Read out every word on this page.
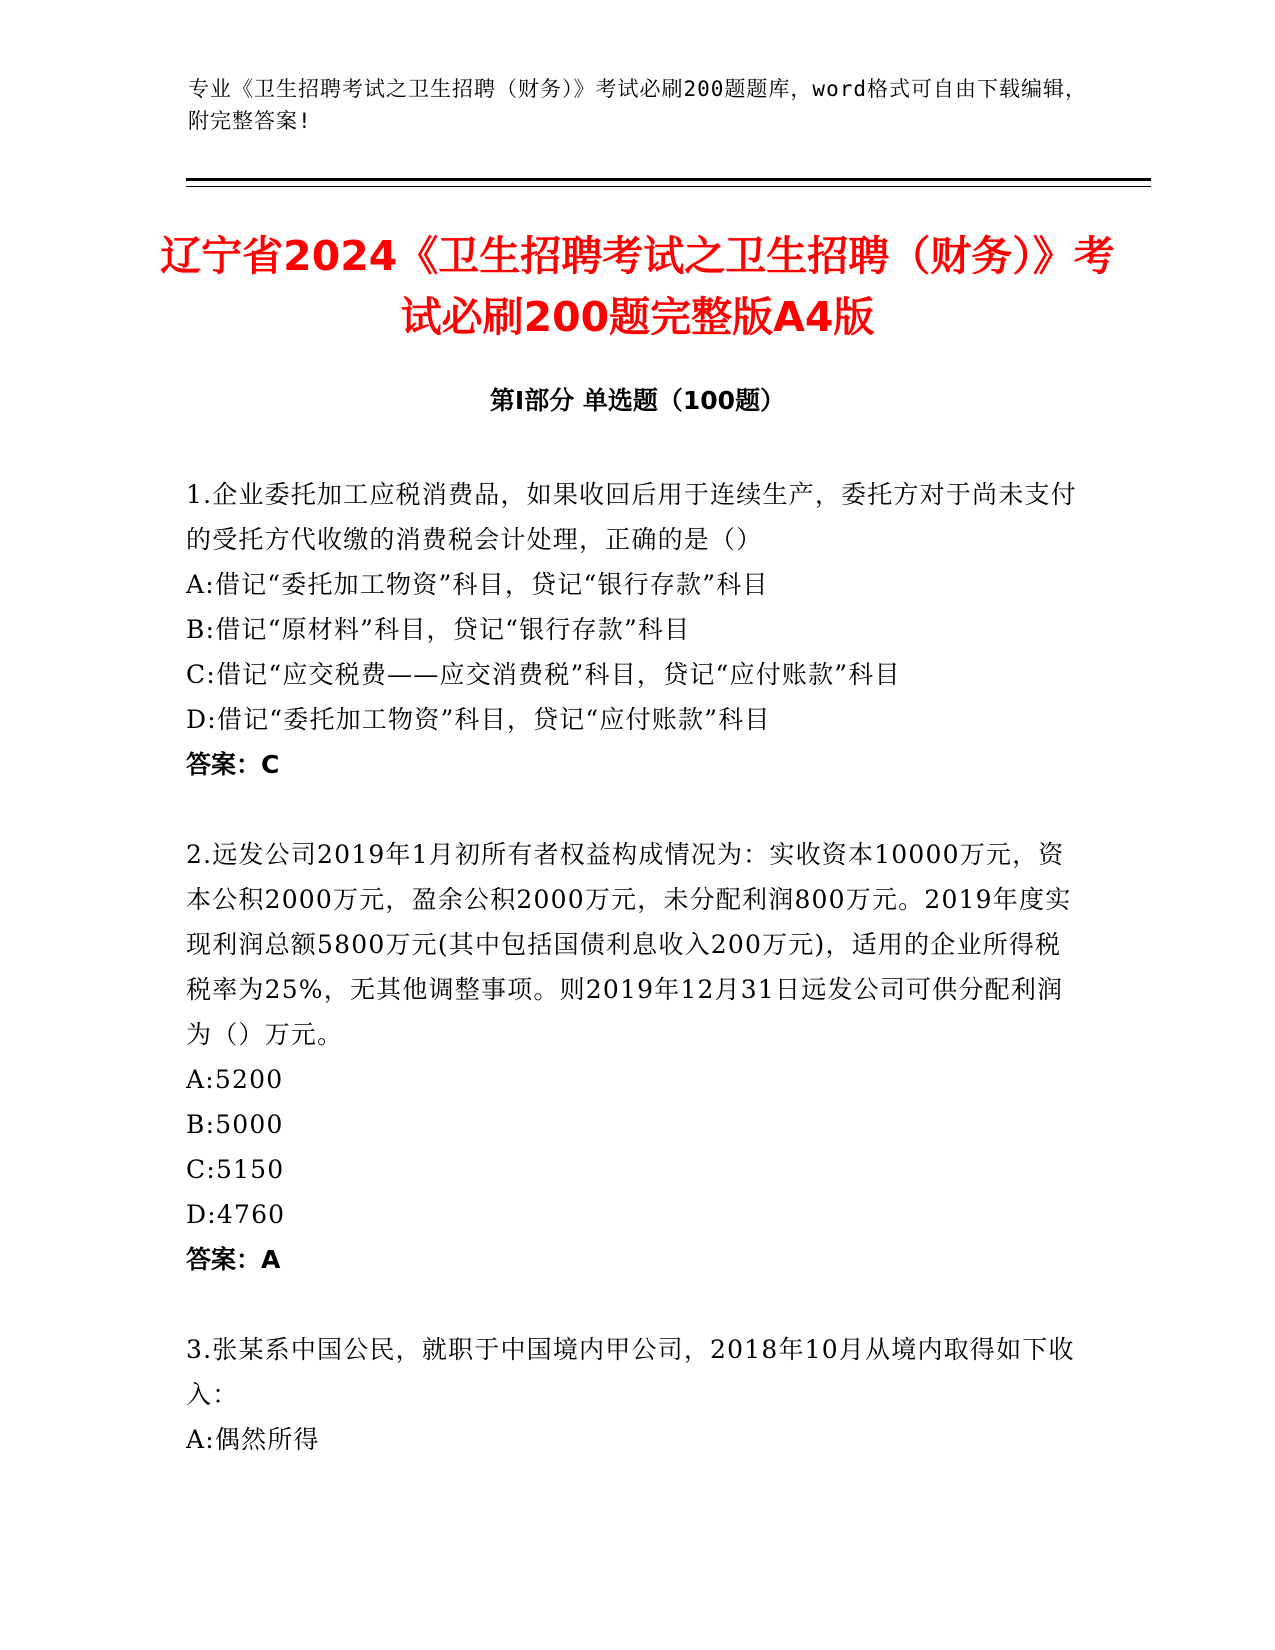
专业《卫生招聘考试之卫生招聘（财务）》考试必刷200题题库，word格式可自由下载编辑，附完整答案!
辽宁省2024《卫生招聘考试之卫生招聘（财务）》考试必刷200题完整版A4版
第I部分 单选题（100题）
1.企业委托加工应税消费品，如果收回后用于连续生产，委托方对于尚未支付的受托方代收缴的消费税会计处理，正确的是（）
A:借记“委托加工物资”科目，贷记“银行存款”科目
B:借记“原材料”科目，贷记“银行存款”科目
C:借记“应交税费——应交消费税”科目，贷记“应付账款”科目
D:借记“委托加工物资”科目，贷记“应付账款”科目
答案：C
2.远发公司2019年1月初所有者权益构成情况为：实收资本10000万元，资本公积2000万元，盈余公积2000万元，未分配利润800万元。2019年度实现利润总额5800万元(其中包括国债利息收入200万元)，适用的企业所得税税率为25%，无其他调整事项。则2019年12月31日远发公司可供分配利润为（）万元。
A:5200
B:5000
C:5150
D:4760
答案：A
3.张某系中国公民，就职于中国境内甲公司，2018年10月从境内取得如下收入：
A:偶然所得
